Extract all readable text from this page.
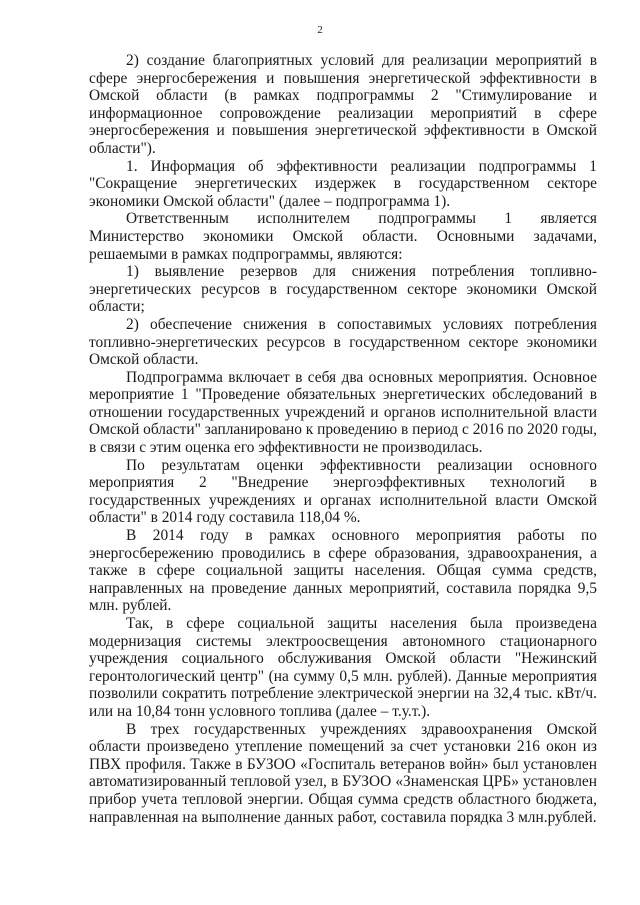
2

2) создание благоприятных условий для реализации мероприятий в сфере энергосбережения и повышения энергетической эффективности в Омской области (в рамках подпрограммы 2 "Стимулирование и информационное сопровождение реализации мероприятий в сфере энергосбережения и повышения энергетической эффективности в Омской области").

1. Информация об эффективности реализации подпрограммы 1 "Сокращение энергетических издержек в государственном секторе экономики Омской области" (далее – подпрограмма 1).

Ответственным исполнителем подпрограммы 1 является Министерство экономики Омской области. Основными задачами, решаемыми в рамках подпрограммы, являются:

1) выявление резервов для снижения потребления топливно-энергетических ресурсов в государственном секторе экономики Омской области;

2) обеспечение снижения в сопоставимых условиях потребления топливно-энергетических ресурсов в государственном секторе экономики Омской области.

Подпрограмма включает в себя два основных мероприятия. Основное мероприятие 1 "Проведение обязательных энергетических обследований в отношении государственных учреждений и органов исполнительной власти Омской области" запланировано к проведению в период с 2016 по 2020 годы, в связи с этим оценка его эффективности не производилась.

По результатам оценки эффективности реализации основного мероприятия 2 "Внедрение энергоэффективных технологий в государственных учреждениях и органах исполнительной власти Омской области" в 2014 году составила 118,04 %.

В 2014 году в рамках основного мероприятия работы по энергосбережению проводились в сфере образования, здравоохранения, а также в сфере социальной защиты населения. Общая сумма средств, направленных на проведение данных мероприятий, составила порядка 9,5 млн. рублей.

Так, в сфере социальной защиты населения была произведена модернизация системы электроосвещения автономного стационарного учреждения социального обслуживания Омской области "Нежинский геронтологический центр" (на сумму 0,5 млн. рублей). Данные мероприятия позволили сократить потребление электрической энергии на 32,4 тыс. кВт/ч. или на 10,84 тонн условного топлива (далее – т.у.т.).

В трех государственных учреждениях здравоохранения Омской области произведено утепление помещений за счет установки 216 окон из ПВХ профиля. Также в БУЗОО «Госпиталь ветеранов войн» был установлен автоматизированный тепловой узел, в БУЗОО «Знаменская ЦРБ» установлен прибор учета тепловой энергии. Общая сумма средств областного бюджета, направленная на выполнение данных работ, составила порядка 3 млн.рублей.
